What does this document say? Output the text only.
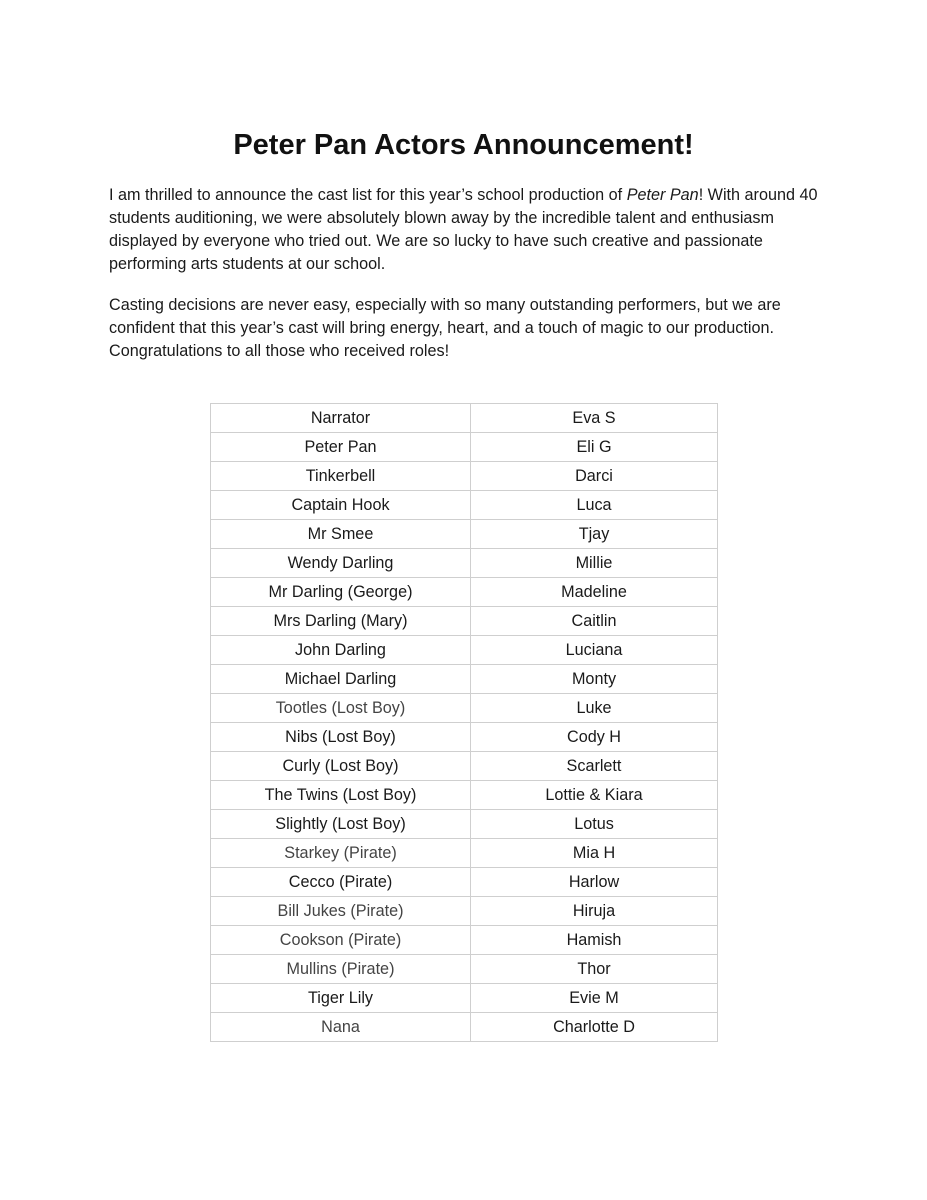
Peter Pan Actors Announcement!

I am thrilled to announce the cast list for this year’s school production of Peter Pan! With around 40 students auditioning, we were absolutely blown away by the incredible talent and enthusiasm displayed by everyone who tried out. We are so lucky to have such creative and passionate performing arts students at our school.

Casting decisions are never easy, especially with so many outstanding performers, but we are confident that this year’s cast will bring energy, heart, and a touch of magic to our production. Congratulations to all those who received roles!

Narrator	Eva S
Peter Pan	Eli G
Tinkerbell	Darci
Captain Hook	Luca
Mr Smee	Tjay
Wendy Darling	Millie
Mr Darling (George)	Madeline
Mrs Darling (Mary)	Caitlin
John Darling	Luciana
Michael Darling	Monty
Tootles (Lost Boy)	Luke
Nibs (Lost Boy)	Cody H
Curly (Lost Boy)	Scarlett
The Twins (Lost Boy)	Lottie & Kiara
Slightly (Lost Boy)	Lotus
Starkey (Pirate)	Mia H
Cecco (Pirate)	Harlow
Bill Jukes (Pirate)	Hiruja
Cookson (Pirate)	Hamish
Mullins (Pirate)	Thor
Tiger Lily	Evie M
Nana	Charlotte D
